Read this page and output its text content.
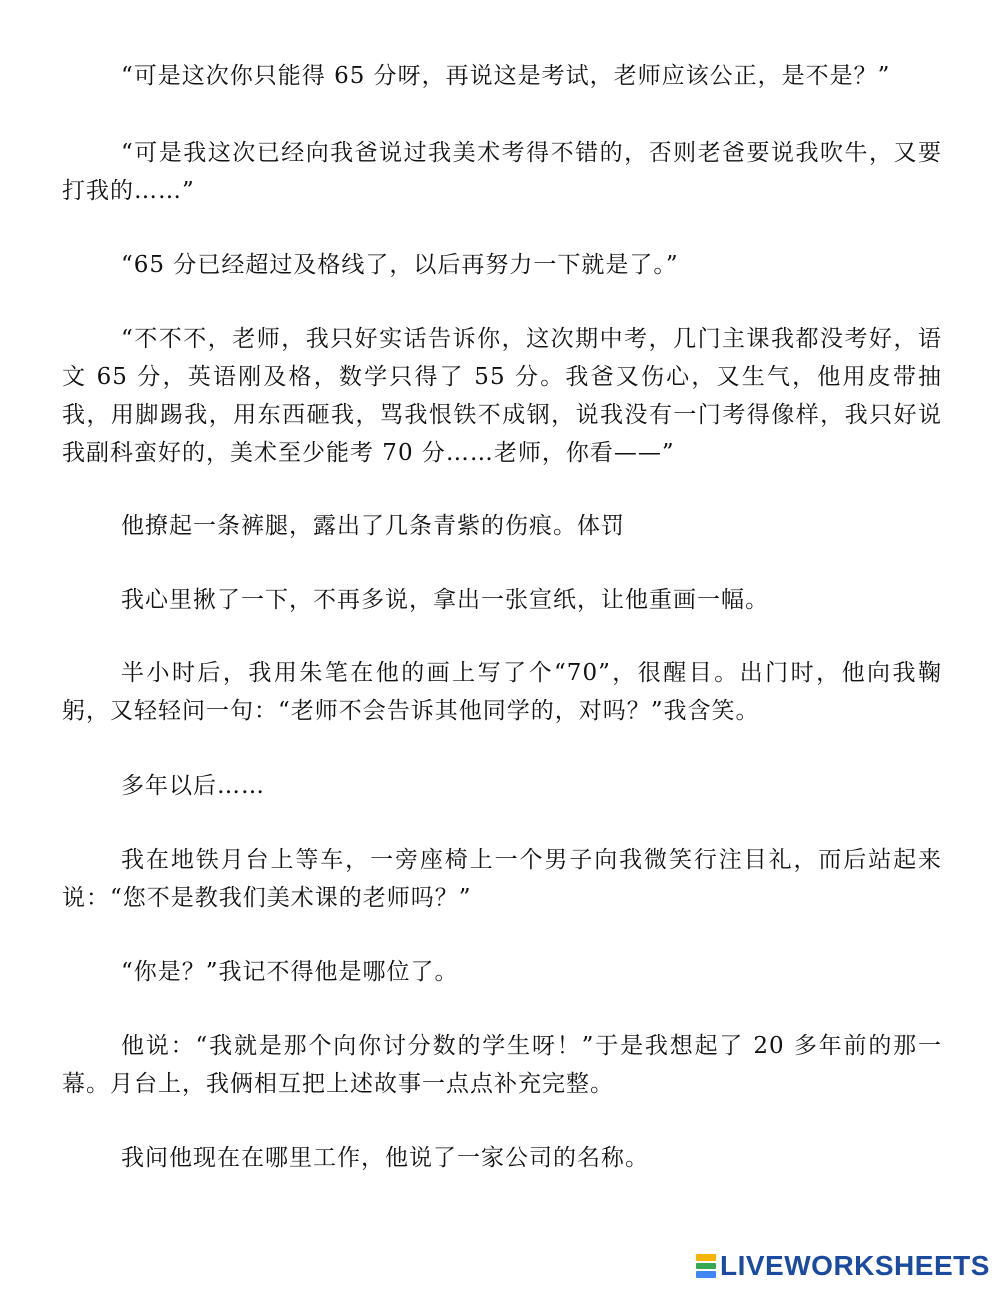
“可是这次你只能得 65 分呀，再说这是考试，老师应该公正，是不是？”

“可是我这次已经向我爸说过我美术考得不错的，否则老爸要说我吹牛，又要打我的……”

“65 分已经超过及格线了，以后再努力一下就是了。”

“不不不，老师，我只好实话告诉你，这次期中考，几门主课我都没考好，语文 65 分，英语刚及格，数学只得了 55 分。我爸又伤心，又生气，他用皮带抽我，用脚踢我，用东西砸我，骂我恨铁不成钢，说我没有一门考得像样，我只好说我副科蛮好的，美术至少能考 70 分……老师，你看——”

他撩起一条裤腿，露出了几条青紫的伤痕。体罚

我心里揪了一下，不再多说，拿出一张宣纸，让他重画一幅。

半小时后，我用朱笔在他的画上写了个“70”，很醒目。出门时，他向我鞠躬，又轻轻问一句：“老师不会告诉其他同学的，对吗？”我含笑。

多年以后……

我在地铁月台上等车，一旁座椅上一个男子向我微笑行注目礼，而后站起来说：“您不是教我们美术课的老师吗？”

“你是？”我记不得他是哪位了。

他说：“我就是那个向你讨分数的学生呀！”于是我想起了 20 多年前的那一幕。月台上，我俩相互把上述故事一点点补充完整。

我问他现在在哪里工作，他说了一家公司的名称。

LIVEWORKSHEETS
